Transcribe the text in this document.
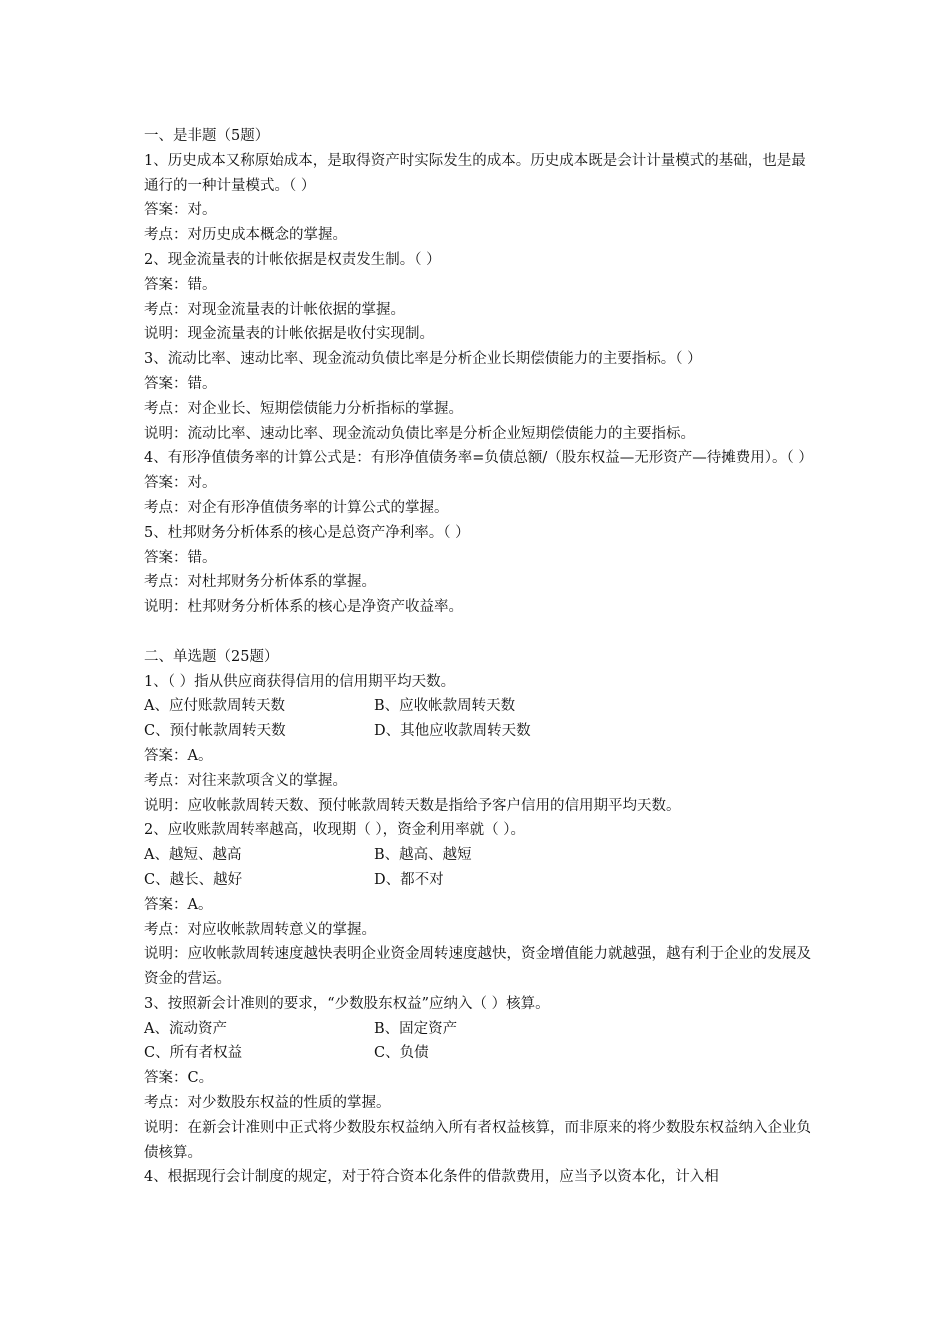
一、是非题（5题）
1、历史成本又称原始成本，是取得资产时实际发生的成本。历史成本既是会计计量模式的基础，也是最通行的一种计量模式。（ ）
答案：对。
考点：对历史成本概念的掌握。
2、现金流量表的计帐依据是权责发生制。（ ）
答案：错。
考点：对现金流量表的计帐依据的掌握。
说明：现金流量表的计帐依据是收付实现制。
3、流动比率、速动比率、现金流动负债比率是分析企业长期偿债能力的主要指标。（ ）
答案：错。
考点：对企业长、短期偿债能力分析指标的掌握。
说明：流动比率、速动比率、现金流动负债比率是分析企业短期偿债能力的主要指标。
4、有形净值债务率的计算公式是：有形净值债务率=负债总额/（股东权益—无形资产—待摊费用）。（ ）
答案：对。
考点：对企有形净值债务率的计算公式的掌握。
5、杜邦财务分析体系的核心是总资产净利率。（ ）
答案：错。
考点：对杜邦财务分析体系的掌握。
说明：杜邦财务分析体系的核心是净资产收益率。
二、单选题（25题）
1、（ ）指从供应商获得信用的信用期平均天数。
A、应付账款周转天数	B、应收帐款周转天数
C、预付帐款周转天数	D、其他应收款周转天数
答案：A。
考点：对往来款项含义的掌握。
说明：应收帐款周转天数、预付帐款周转天数是指给予客户信用的信用期平均天数。
2、应收账款周转率越高，收现期（ ），资金利用率就（ ）。
A、越短、越高	B、越高、越短
C、越长、越好	D、都不对
答案：A。
考点：对应收帐款周转意义的掌握。
说明：应收帐款周转速度越快表明企业资金周转速度越快，资金增值能力就越强，越有利于企业的发展及资金的营运。
3、按照新会计准则的要求，“少数股东权益”应纳入（ ）核算。
A、流动资产	B、固定资产
C、所有者权益	C、负债
答案：C。
考点：对少数股东权益的性质的掌握。
说明：在新会计准则中正式将少数股东权益纳入所有者权益核算，而非原来的将少数股东权益纳入企业负债核算。
4、根据现行会计制度的规定，对于符合资本化条件的借款费用，应当予以资本化，计入相
